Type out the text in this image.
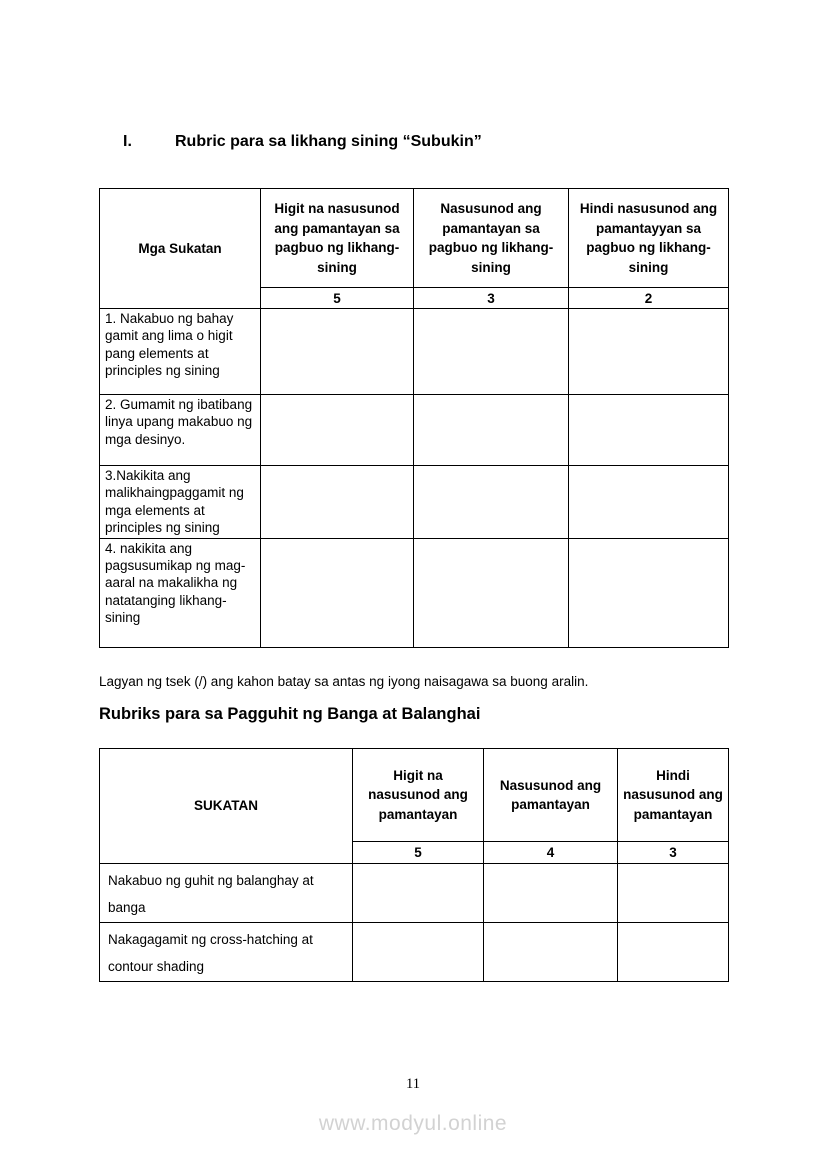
I.	Rubric para sa likhang sining “Subukin”
Mga Sukatan	Higit na nasusunod ang pamantayan sa pagbuo ng likhang-sining	Nasusunod ang pamantayan sa pagbuo ng likhang-sining	Hindi nasusunod ang pamantayyan sa pagbuo ng likhang-sining
	5	3	2
1. Nakabuo ng bahay gamit ang lima o higit pang elements at principles ng sining			
2. Gumamit ng ibatibang linya upang makabuo ng mga desinyo.			
3.Nakikita ang malikhaingpaggamit ng mga elements at principles ng sining			
4. nakikita ang pagsusumikap ng mag-aaral na makalikha ng natatanging likhang-sining			
Lagyan ng tsek (/) ang kahon batay sa antas ng iyong naisagawa sa buong aralin.
Rubriks para sa Pagguhit ng Banga at Balanghai
SUKATAN	Higit na nasusunod ang pamantayan	Nasusunod ang pamantayan	Hindi nasusunod ang pamantayan
	5	4	3
Nakabuo ng guhit ng balanghay at banga			
Nakagagamit ng cross-hatching at contour shading			
11
www.modyul.online
